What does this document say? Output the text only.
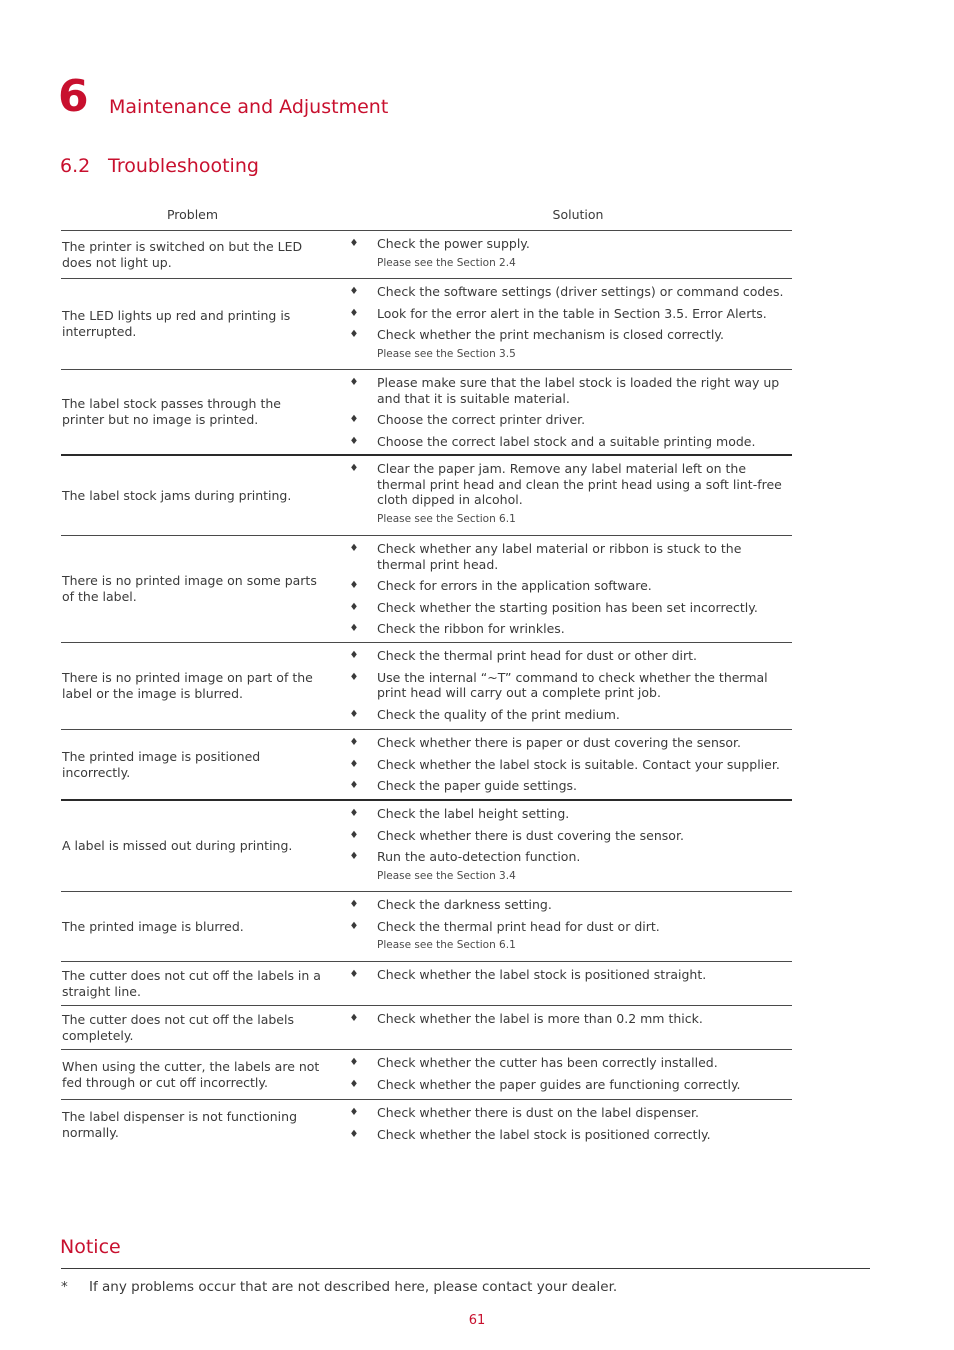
6 Maintenance and Adjustment
6.2 Troubleshooting
Problem	Solution
The printer is switched on but the LED does not light up.
♦	Check the power supply.
Please see the Section 2.4
The LED lights up red and printing is interrupted.
♦	Check the software settings (driver settings) or command codes.
♦	Look for the error alert in the table in Section 3.5. Error Alerts.
♦	Check whether the print mechanism is closed correctly.
Please see the Section 3.5
The label stock passes through the printer but no image is printed.
♦	Please make sure that the label stock is loaded the right way up and that it is suitable material.
♦	Choose the correct printer driver.
♦	Choose the correct label stock and a suitable printing mode.
The label stock jams during printing.
♦	Clear the paper jam. Remove any label material left on the thermal print head and clean the print head using a soft lint-free cloth dipped in alcohol.
Please see the Section 6.1
There is no printed image on some parts of the label.
♦	Check whether any label material or ribbon is stuck to the thermal print head.
♦	Check for errors in the application software.
♦	Check whether the starting position has been set incorrectly.
♦	Check the ribbon for wrinkles.
There is no printed image on part of the label or the image is blurred.
♦	Check the thermal print head for dust or other dirt.
♦	Use the internal “~T” command to check whether the thermal print head will carry out a complete print job.
♦	Check the quality of the print medium.
The printed image is positioned incorrectly.
♦	Check whether there is paper or dust covering the sensor.
♦	Check whether the label stock is suitable. Contact your supplier.
♦	Check the paper guide settings.
A label is missed out during printing.
♦	Check the label height setting.
♦	Check whether there is dust covering the sensor.
♦	Run the auto-detection function.
Please see the Section 3.4
The printed image is blurred.
♦	Check the darkness setting.
♦	Check the thermal print head for dust or dirt.
Please see the Section 6.1
The cutter does not cut off the labels in a straight line.
♦	Check whether the label stock is positioned straight.
The cutter does not cut off the labels completely.
♦	Check whether the label is more than 0.2 mm thick.
When using the cutter, the labels are not fed through or cut off incorrectly.
♦	Check whether the cutter has been correctly installed.
♦	Check whether the paper guides are functioning correctly.
The label dispenser is not functioning normally.
♦	Check whether there is dust on the label dispenser.
♦	Check whether the label stock is positioned correctly.
Notice
*	If any problems occur that are not described here, please contact your dealer.
61
